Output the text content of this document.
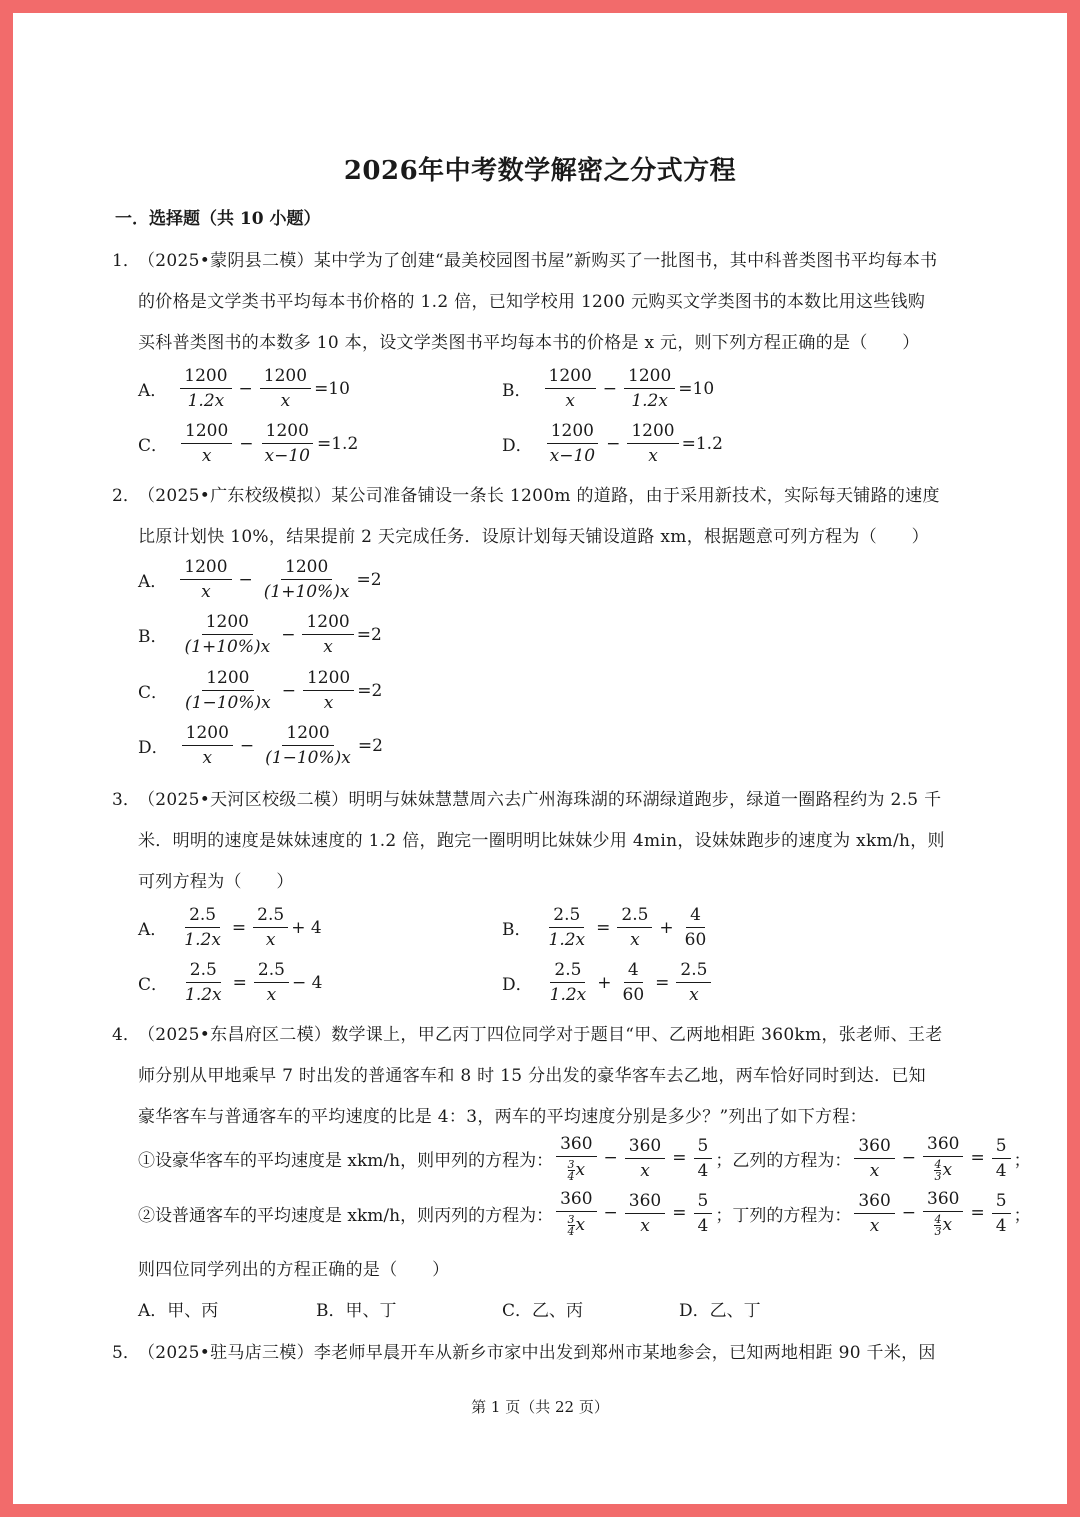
2026年中考数学解密之分式方程
一．选择题（共 10 小题）
1．
（2025•蒙阴县二模）某中学为了创建“最美校园图书屋”新购买了一批图书，其中科普类图书平均每本书
的价格是文学类书平均每本书价格的 1.2 倍，已知学校用 1200 元购买文学类图书的本数比用这些钱购
买科普类图书的本数多 10 本，设文学类图书平均每本书的价格是 x 元，则下列方程正确的是（　　）
A． $\frac{1200}{1.2x} - \frac{1200}{x} =10$	B． $\frac{1200}{x} - \frac{1200}{1.2x} =10$
C． $\frac{1200}{x} - \frac{1200}{x-10} =1.2$	D． $\frac{1200}{x-10} - \frac{1200}{x} =1.2$
2．
（2025•广东校级模拟）某公司准备铺设一条长 1200m 的道路，由于采用新技术，实际每天铺路的速度
比原计划快 10%，结果提前 2 天完成任务．设原计划每天铺设道路 xm，根据题意可列方程为（　　）
A． $\frac{1200}{x} - \frac{1200}{(1+10\%)x} =2$
B． $\frac{1200}{(1+10\%)x} - \frac{1200}{x} =2$
C． $\frac{1200}{(1-10\%)x} - \frac{1200}{x} =2$
D． $\frac{1200}{x} - \frac{1200}{(1-10\%)x} =2$
3．
（2025•天河区校级二模）明明与妹妹慧慧周六去广州海珠湖的环湖绿道跑步，绿道一圈路程约为 2.5 千
米．明明的速度是妹妹速度的 1.2 倍，跑完一圈明明比妹妹少用 4min，设妹妹跑步的速度为 xkm/h，则
可列方程为（　　）
A． $\frac{2.5}{1.2x} = \frac{2.5}{x} + 4$	B． $\frac{2.5}{1.2x} = \frac{2.5}{x} + \frac{4}{60}$
C． $\frac{2.5}{1.2x} = \frac{2.5}{x} - 4$	D． $\frac{2.5}{1.2x} + \frac{4}{60} = \frac{2.5}{x}$
4．
（2025•东昌府区二模）数学课上，甲乙丙丁四位同学对于题目“甲、乙两地相距 360km，张老师、王老
师分别从甲地乘早 7 时出发的普通客车和 8 时 15 分出发的豪华客车去乙地，两车恰好同时到达．已知
豪华客车与普通客车的平均速度的比是 4：3，两车的平均速度分别是多少？”列出了如下方程：
①设豪华客车的平均速度是 xkm/h，则甲列的方程为： $\frac{360}{\frac{3}{4} x} - \frac{360}{x} = \frac{5}{4}$ ；乙列的方程为： $\frac{360}{x} - \frac{360}{\frac{4}{3} x} = \frac{5}{4}$ ；
②设普通客车的平均速度是 xkm/h，则丙列的方程为： $\frac{360}{\frac{3}{4} x} - \frac{360}{x} = \frac{5}{4}$ ；丁列的方程为： $\frac{360}{x} - \frac{360}{\frac{4}{3} x} = \frac{5}{4}$ ；
则四位同学列出的方程正确的是（　　）
A．甲、丙	B．甲、丁	C．乙、丙	D．乙、丁
5．
（2025•驻马店三模）李老师早晨开车从新乡市家中出发到郑州市某地参会，已知两地相距 90 千米，因
第 1 页（共 22 页）
